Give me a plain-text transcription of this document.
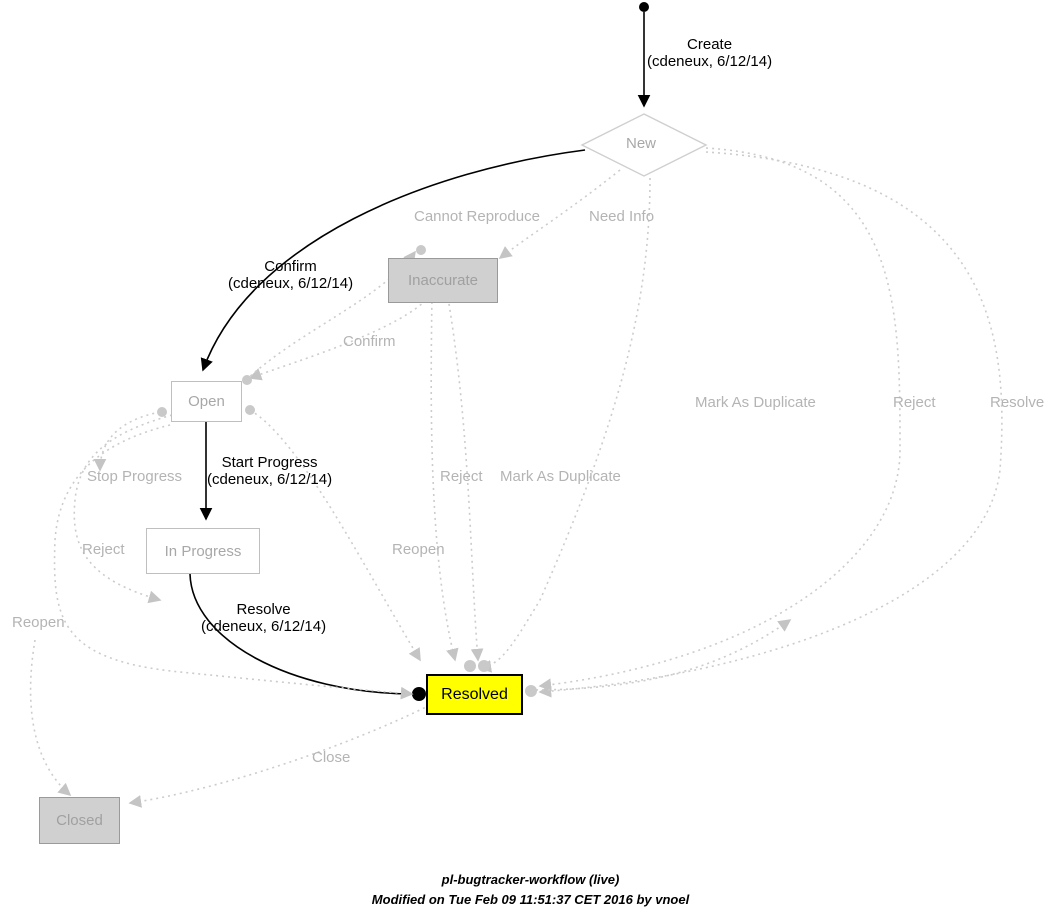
New
Inaccurate
Open
In Progress
Resolved
Closed
Create
(cdeneux, 6/12/14)
Cannot Reproduce	Need Info
Confirm
(cdeneux, 6/12/14)
Confirm
Mark As Duplicate	Reject	Resolve
Stop Progress
Start Progress
(cdeneux, 6/12/14)	Reject Mark As Duplicate
Reject	Reopen
Reopen
Resolve
(cdeneux, 6/12/14)
Close
pl-bugtracker-workflow (live)
Modified on Tue Feb 09 11:51:37 CET 2016 by vnoel
